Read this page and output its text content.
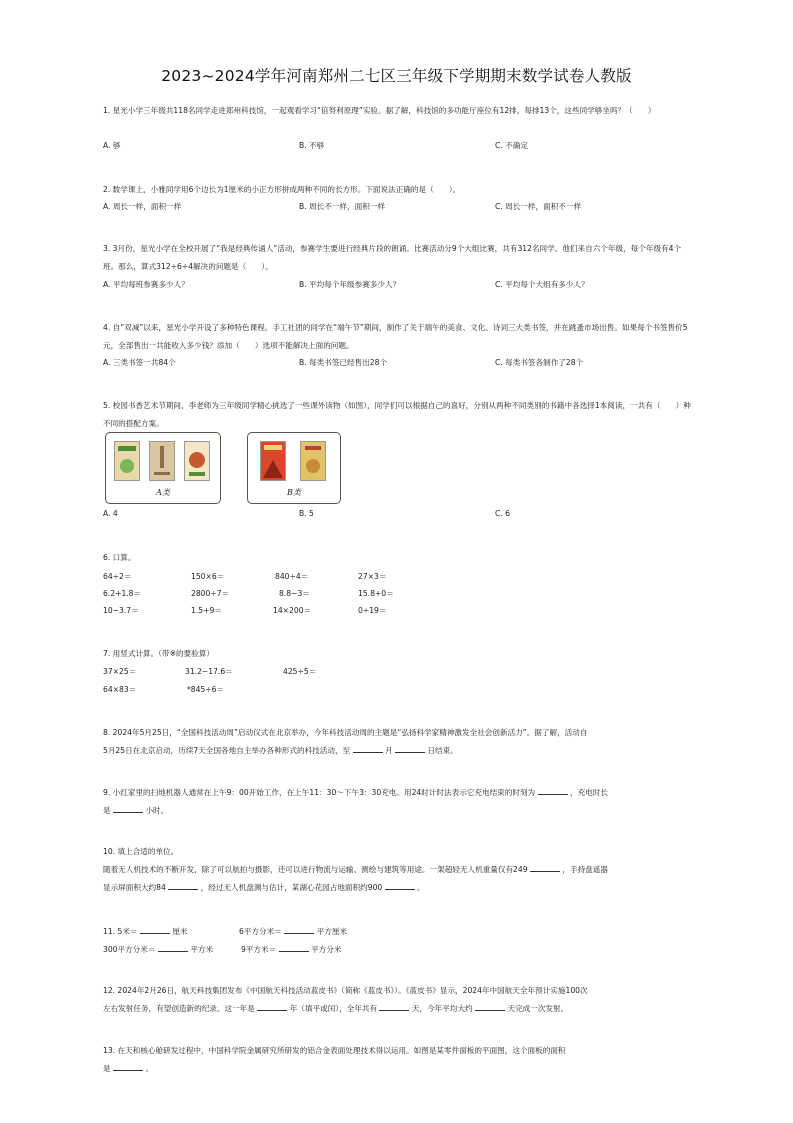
2023~2024学年河南郑州二七区三年级下学期期末数学试卷人教版
1. 星光小学三年级共118名同学走进郑州科技馆，一起观看学习“倍努利原理”实验。据了解，科技馆的多功能厅座位有12排，每排13个，这些同学够坐吗？（　　）
A. 够	B. 不够	C. 不确定
2. 数学课上，小雅同学用6个边长为1厘米的小正方形拼成两种不同的长方形。下面说法正确的是（　　）。
A. 周长一样，面积一样	B. 周长不一样，面积一样	C. 周长一样，面积不一样
3. 3月份，星光小学在全校开展了“我是经典传诵人”活动，参赛学生要进行经典片段的朗诵。比赛活动分9个大组比赛，共有312名同学。他们来自六个年级，每个年级有4个班。那么，算式312÷6÷4解决的问题是（　　）。
A. 平均每班参赛多少人？	B. 平均每个年级参赛多少人？	C. 平均每个大组有多少人？
4. 自“双减”以来，星光小学开设了多种特色课程。手工社团的同学在“端午节”期间，制作了关于端午的美食、文化、诗词三大类书签，并在跳蚤市场出售。如果每个书签售价5元，全部售出一共能收入多少钱？添加（　　）选项不能解决上面的问题。
A. 三类书签一共84个	B. 每类书签已经售出28个	C. 每类书签各制作了28个
5. 校园书香艺术节期间，李老师为三年级同学精心挑选了一些课外读物（如图），同学们可以根据自己的喜好，分别从两种不同类别的书籍中各选择1本阅读，一共有（　　）种不同的搭配方案。
A类	B类
A. 4	B. 5	C. 6
6. 口算。
64÷2＝	150×6＝	840÷4＝	27×3＝
6.2+1.8＝	2800÷7＝	8.8−3＝	15.8+0＝
10−3.7＝	1.5+9＝	14×200＝	0÷19＝
7. 用竖式计算。（带※的要验算）
37×25＝	31.2−17.6＝	425÷5＝
64×83＝	*845÷6＝
8. 2024年5月25日，“全国科技活动周”启动仪式在北京举办，今年科技活动周的主题是“弘扬科学家精神激发全社会创新活力”。据了解，活动自
5月25日在北京启动，历续7天全国各地自主举办各种形式的科技活动，至	月	日结束。
9. 小红家里的扫地机器人通常在上午9：00开始工作，在上午11：30～下午3：30充电。用24时计时法表示它充电结束的时刻为	，充电时长
是	小时。
10. 填上合适的单位。
随着无人机技术的不断开发，除了可以航拍与摄影，还可以进行物流与运输、测绘与建筑等用途。一架超轻无人机重量仅有249	，手持盘遥器
显示屏面积大约84	，经过无人机盘测与估计，某湖心花园占地面积约900	。
11. 5米＝	厘米	6平方分米＝	平方厘米
300平方分米＝	平方米	9平方米＝	平方分米
12. 2024年2月26日，航天科技集团发布《中国航天科技活动蓝皮书》（简称《蓝皮书》）。《蓝皮书》显示，2024年中国航天全年预计实施100次
左右发射任务，有望创造新的纪录。这一年是	年（填平或闰），全年共有	天，今年平均大约	天完成一次发射。
13. 在天和核心舱研发过程中，中国科学院金属研究所研发的铝合金表面处理技术得以运用。如图是某零件面板的平面图，这个面板的面积
是	。
